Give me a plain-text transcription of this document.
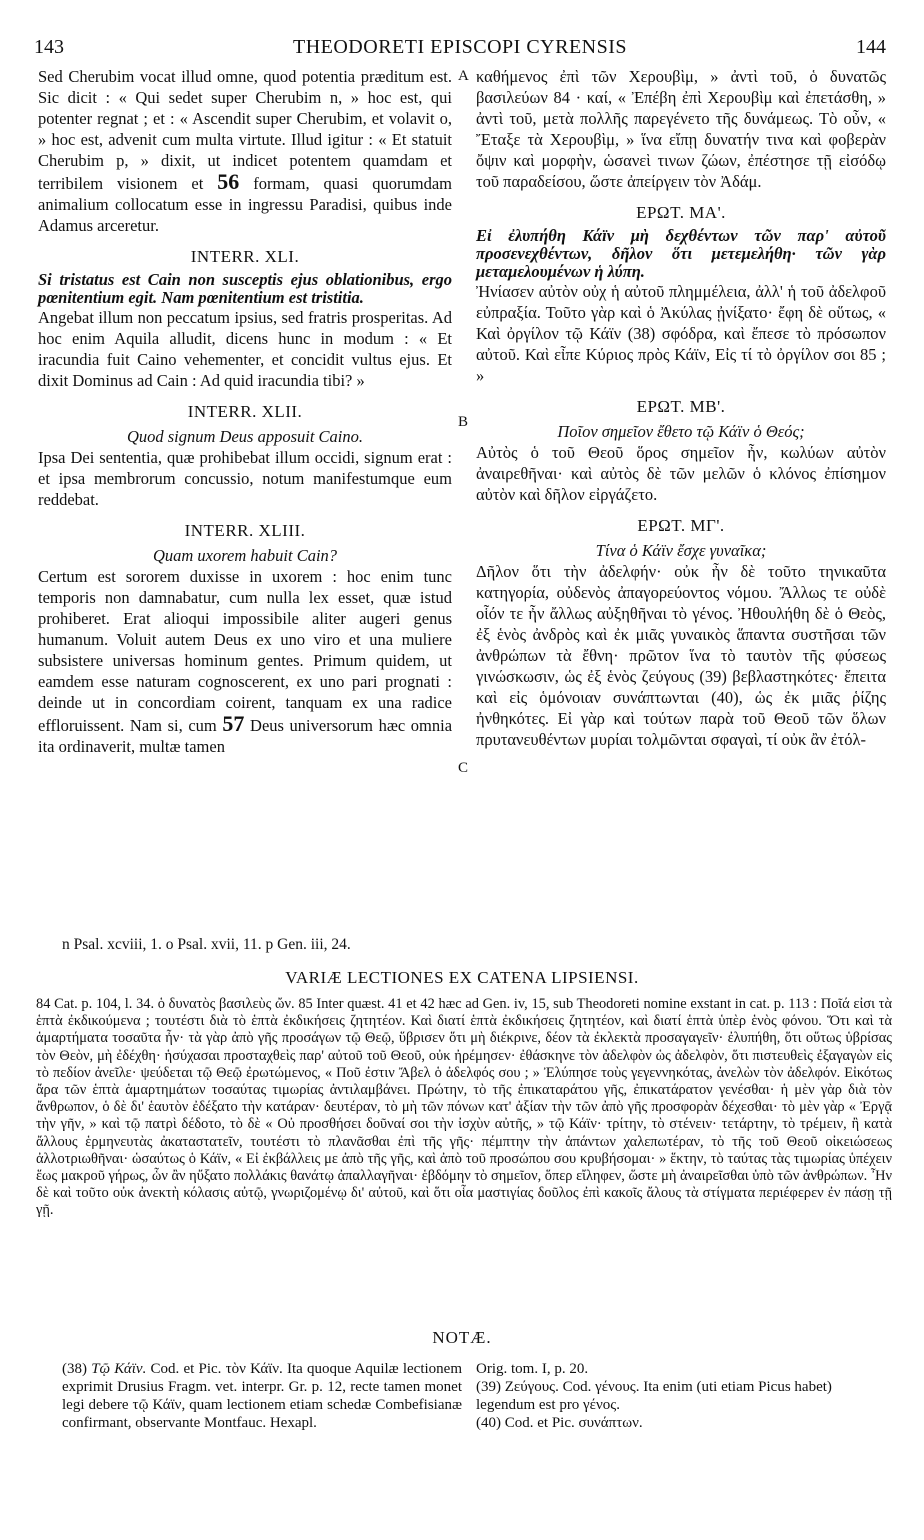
143	THEODORETI EPISCOPI CYRENSIS	144
A
B
C

Sed Cherubim vocat illud omne, quod potentia præditum est. Sic dicit : « Qui sedet super Cherubim n, » hoc est, qui potenter regnat ; et : « Ascendit super Cherubim, et volavit o, » hoc est, advenit cum multa virtute. Illud igitur : « Et statuit Cherubim p, » dixit, ut indicet potentem quamdam et terribilem visionem et 56 formam, quasi quorumdam animalium collocatum esse in ingressu Paradisi, quibus inde Adamus arceretur.

INTERR. XLI.

Si tristatus est Cain non susceptis ejus oblationibus, ergo pœnitentium egit. Nam pœnitentium est tristitia.

Angebat illum non peccatum ipsius, sed fratris prosperitas. Ad hoc enim Aquila alludit, dicens hunc in modum : « Et iracundia fuit Caino vehementer, et concidit vultus ejus. Et dixit Dominus ad Cain : Ad quid iracundia tibi? »

INTERR. XLII.

Quod signum Deus apposuit Caino.

Ipsa Dei sententia, quæ prohibebat illum occidi, signum erat : et ipsa membrorum concussio, notum manifestumque eum reddebat.

INTERR. XLIII.

Quam uxorem habuit Cain?

Certum est sororem duxisse in uxorem : hoc enim tunc temporis non damnabatur, cum nulla lex esset, quæ istud prohiberet. Erat alioqui impossibile aliter augeri genus humanum. Voluit autem Deus ex uno viro et una muliere subsistere universas hominum gentes. Primum quidem, ut eamdem esse naturam cognoscerent, ex uno pari prognati : deinde ut in concordiam coirent, tanquam ex una radice effloruissent. Nam si, cum 57 Deus universorum hæc omnia ita ordinaverit, multæ tamen

καθήμενος ἐπὶ τῶν Χερουβὶμ, » ἀντὶ τοῦ, ὁ δυνατῶς βασιλεύων 84 · καί, « Ἐπέβη ἐπὶ Χερουβὶμ καὶ ἐπετάσθη, » ἀντὶ τοῦ, μετὰ πολλῆς παρεγένετο τῆς δυνάμεως. Τὸ οὖν, « Ἔταξε τὰ Χερουβὶμ, » ἵνα εἴπῃ δυνατήν τινα καὶ φοβερὰν ὄψιν καὶ μορφὴν, ὡσανεὶ τινων ζώων, ἐπέστησε τῇ εἰσόδῳ τοῦ παραδείσου, ὥστε ἀπείργειν τὸν Ἀδάμ.

ΕΡΩΤ. ΜΑ'.

Εἰ ἐλυπήθη Κάϊν μὴ δεχθέντων τῶν παρ' αὐτοῦ προσενεχθέντων, δῆλον ὅτι μετεμελήθη· τῶν γὰρ μεταμελουμένων ἡ λύπη.

Ἠνίασεν αὐτὸν οὐχ ἡ αὐτοῦ πλημμέλεια, ἀλλ' ἡ τοῦ ἀδελφοῦ εὐπραξία. Τοῦτο γὰρ καὶ ὁ Ἀκύλας ᾐνίξατο· ἔφη δὲ οὕτως, « Καὶ ὀργίλον τῷ Κάϊν (38) σφόδρα, καὶ ἔπεσε τὸ πρόσωπον αὐτοῦ. Καὶ εἶπε Κύριος πρὸς Κάϊν, Εἰς τί τὸ ὀργίλον σοι 85 ; »

ΕΡΩΤ. ΜΒ'.

Ποῖον σημεῖον ἔθετο τῷ Κάϊν ὁ Θεός;

Αὐτὸς ὁ τοῦ Θεοῦ ὅρος σημεῖον ἦν, κωλύων αὐτὸν ἀναιρεθῆναι· καὶ αὐτὸς δὲ τῶν μελῶν ὁ κλόνος ἐπίσημον αὐτὸν καὶ δῆλον εἰργάζετο.

ΕΡΩΤ. ΜΓ'.

Τίνα ὁ Κάϊν ἔσχε γυναῖκα;

Δῆλον ὅτι τὴν ἀδελφήν· οὐκ ἦν δὲ τοῦτο τηνικαῦτα κατηγορία, οὐδενὸς ἀπαγορεύοντος νόμου. Ἄλλως τε οὐδὲ οἷόν τε ἦν ἄλλως αὐξηθῆναι τὸ γένος. Ἠθουλήθη δὲ ὁ Θεὸς, ἐξ ἑνὸς ἀνδρὸς καὶ ἐκ μιᾶς γυναικὸς ἅπαντα συστῆσαι τῶν ἀνθρώπων τὰ ἔθνη· πρῶτον ἵνα τὸ ταυτὸν τῆς φύσεως γινώσκωσιν, ὡς ἐξ ἑνὸς ζεύγους (39) βεβλαστηκότες· ἔπειτα καὶ εἰς ὁμόνοιαν συνάπτωνται (40), ὡς ἐκ μιᾶς ῥίζης ἠνθηκότες. Εἰ γὰρ καὶ τούτων παρὰ τοῦ Θεοῦ τῶν ὅλων πρυτανευθέντων μυρίαι τολμῶνται σφαγαὶ, τί οὐκ ἂν ἐτόλ-

n Psal. xcviii, 1. o Psal. xvii, 11. p Gen. iii, 24.
VARIÆ LECTIONES EX CATENA LIPSIENSI.
84 Cat. p. 104, l. 34. ὁ δυνατὸς βασιλεὺς ὤν. 85 Inter quæst. 41 et 42 hæc ad Gen. iv, 15, sub Theodoreti nomine exstant in cat. p. 113 : Ποῖά εἰσι τὰ ἑπτὰ ἐκδικούμενα ; τουτέστι διὰ τὸ ἑπτὰ ἐκδικήσεις ζητητέον. Καὶ διατί ἑπτὰ ἐκδικήσεις ζητητέον, καὶ διατί ἑπτὰ ὑπὲρ ἑνὸς φόνου. Ὅτι καὶ τὰ ἁμαρτήματα τοσαῦτα ἦν· τὰ γὰρ ἀπὸ γῆς προσάγων τῷ Θεῷ, ὕβρισεν ὅτι μὴ διέκρινε, δέον τὰ ἐκλεκτὰ προσαγαγεῖν· ἐλυπήθη, ὅτι οὕτως ὑβρίσας τὸν Θεὸν, μὴ ἐδέχθη· ἡσύχασαι προσταχθεὶς παρ' αὐτοῦ τοῦ Θεοῦ, οὐκ ἠρέμησεν· ἐθάσκηνε τὸν ἀδελφὸν ὡς ἀδελφὸν, ὅτι πιστευθεὶς ἐξαγαγὼν εἰς τὸ πεδίον ἀνεῖλε· ψεύδεται τῷ Θεῷ ἐρωτώμενος, « Ποῦ ἐστιν Ἄβελ ὁ ἀδελφός σου ; » Ἐλύπησε τοὺς γεγεννηκότας, ἀνελὼν τὸν ἀδελφόν. Εἰκότως ἄρα τῶν ἑπτὰ ἁμαρτημάτων τοσαύτας τιμωρίας ἀντιλαμβάνει. Πρώτην, τὸ τῆς ἐπικαταράτου γῆς, ἐπικατάρατον γενέσθαι· ἡ μὲν γὰρ διὰ τὸν ἄνθρωπον, ὁ δὲ δι' ἑαυτὸν ἐδέξατο τὴν κατάραν· δευτέραν, τὸ μὴ τῶν πόνων κατ' ἀξίαν τὴν τῶν ἀπὸ γῆς προσφορὰν δέχεσθαι· τὸ μὲν γὰρ « Ἐργᾷ τὴν γῆν, » καὶ τῷ πατρὶ δέδοτο, τὸ δὲ « Οὐ προσθήσει δοῦναί σοι τὴν ἰσχὺν αὐτῆς, » τῷ Κάϊν· τρίτην, τὸ στένειν· τετάρτην, τὸ τρέμειν, ἢ κατὰ ἄλλους ἑρμηνευτὰς ἀκαταστατεῖν, τουτέστι τὸ πλανᾶσθαι ἐπὶ τῆς γῆς· πέμπτην τὴν ἁπάντων χαλεπωτέραν, τὸ τῆς τοῦ Θεοῦ οἰκειώσεως ἀλλοτριωθῆναι· ὡσαύτως ὁ Κάϊν, « Εἰ ἐκβάλλεις με ἀπὸ τῆς γῆς, καὶ ἀπὸ τοῦ προσώπου σου κρυβήσομαι· » ἕκτην, τὸ ταύτας τὰς τιμωρίας ὑπέχειν ἕως μακροῦ γήρως, ὧν ἂν ηὔξατο πολλάκις θανάτῳ ἀπαλλαγῆναι· ἑβδόμην τὸ σημεῖον, ὅπερ εἴληφεν, ὥστε μὴ ἀναιρεῖσθαι ὑπὸ τῶν ἀνθρώπων. Ἦν δὲ καὶ τοῦτο οὐκ ἀνεκτὴ κόλασις αὐτῷ, γνωριζομένῳ δι' αὐτοῦ, καὶ ὅτι οἷα μαστιγίας δοῦλος ἐπὶ κακοῖς ἄλους τὰ στίγματα περιέφερεν ἐν πάσῃ τῇ γῇ.
NOTÆ.

(38) Τῷ Κάϊν. Cod. et Pic. τὸν Κάϊν. Ita quoque Aquilæ lectionem exprimit Drusius Fragm. vet. interpr. Gr. p. 12, recte tamen monet legi debere τῷ Κάϊν, quam lectionem etiam schedæ Combefisianæ confirmant, observante Montfauc. Hexapl.

Orig. tom. I, p. 20.

(39) Ζεύγους. Cod. γένους. Ita enim (uti etiam Picus habet) legendum est pro γένος.

(40) Cod. et Pic. συνάπτων.
